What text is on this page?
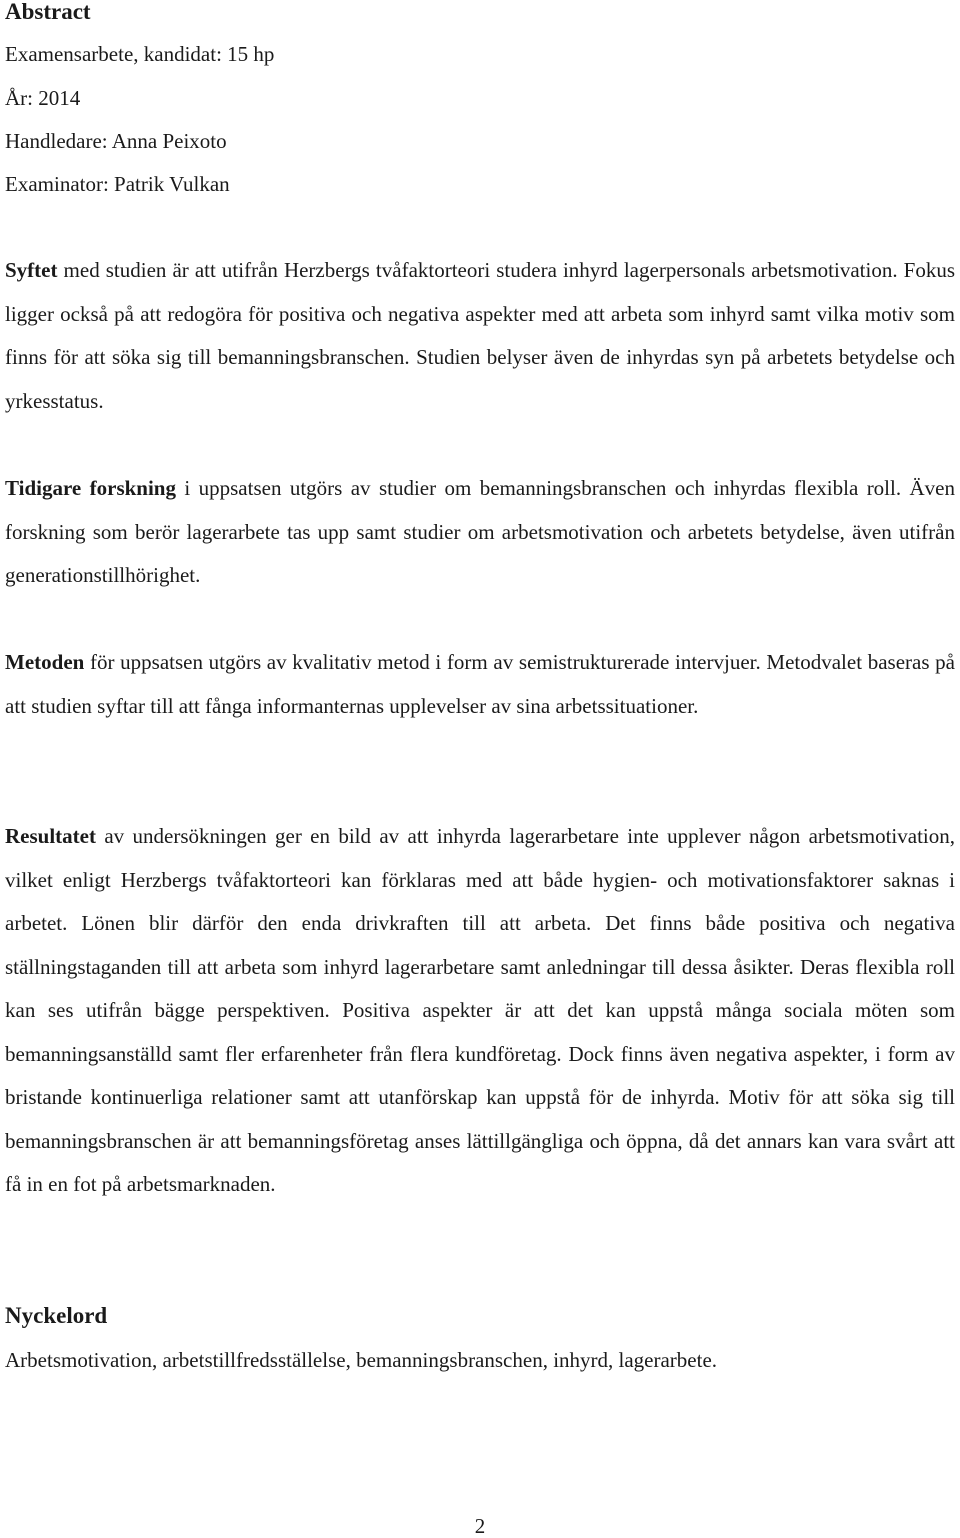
Abstract
Examensarbete, kandidat: 15 hp
År: 2014
Handledare: Anna Peixoto
Examinator: Patrik Vulkan

Syftet med studien är att utifrån Herzbergs tvåfaktorteori studera inhyrd lagerpersonals arbetsmotivation. Fokus ligger också på att redogöra för positiva och negativa aspekter med att arbeta som inhyrd samt vilka motiv som finns för att söka sig till bemanningsbranschen. Studien belyser även de inhyrdas syn på arbetets betydelse och yrkesstatus.

Tidigare forskning i uppsatsen utgörs av studier om bemanningsbranschen och inhyrdas flexibla roll. Även forskning som berör lagerarbete tas upp samt studier om arbetsmotivation och arbetets betydelse, även utifrån generationstillhörighet.

Metoden för uppsatsen utgörs av kvalitativ metod i form av semistrukturerade intervjuer. Metodvalet baseras på att studien syftar till att fånga informanternas upplevelser av sina arbetssituationer.

Resultatet av undersökningen ger en bild av att inhyrda lagerarbetare inte upplever någon arbetsmotivation, vilket enligt Herzbergs tvåfaktorteori kan förklaras med att både hygien- och motivationsfaktorer saknas i arbetet. Lönen blir därför den enda drivkraften till att arbeta. Det finns både positiva och negativa ställningstaganden till att arbeta som inhyrd lagerarbetare samt anledningar till dessa åsikter. Deras flexibla roll kan ses utifrån bägge perspektiven. Positiva aspekter är att det kan uppstå många sociala möten som bemanningsanställd samt fler erfarenheter från flera kundföretag. Dock finns även negativa aspekter, i form av bristande kontinuerliga relationer samt att utanförskap kan uppstå för de inhyrda. Motiv för att söka sig till bemanningsbranschen är att bemanningsföretag anses lättillgängliga och öppna, då det annars kan vara svårt att få in en fot på arbetsmarknaden.

Nyckelord
Arbetsmotivation, arbetstillfredsställelse, bemanningsbranschen, inhyrd, lagerarbete.
2
